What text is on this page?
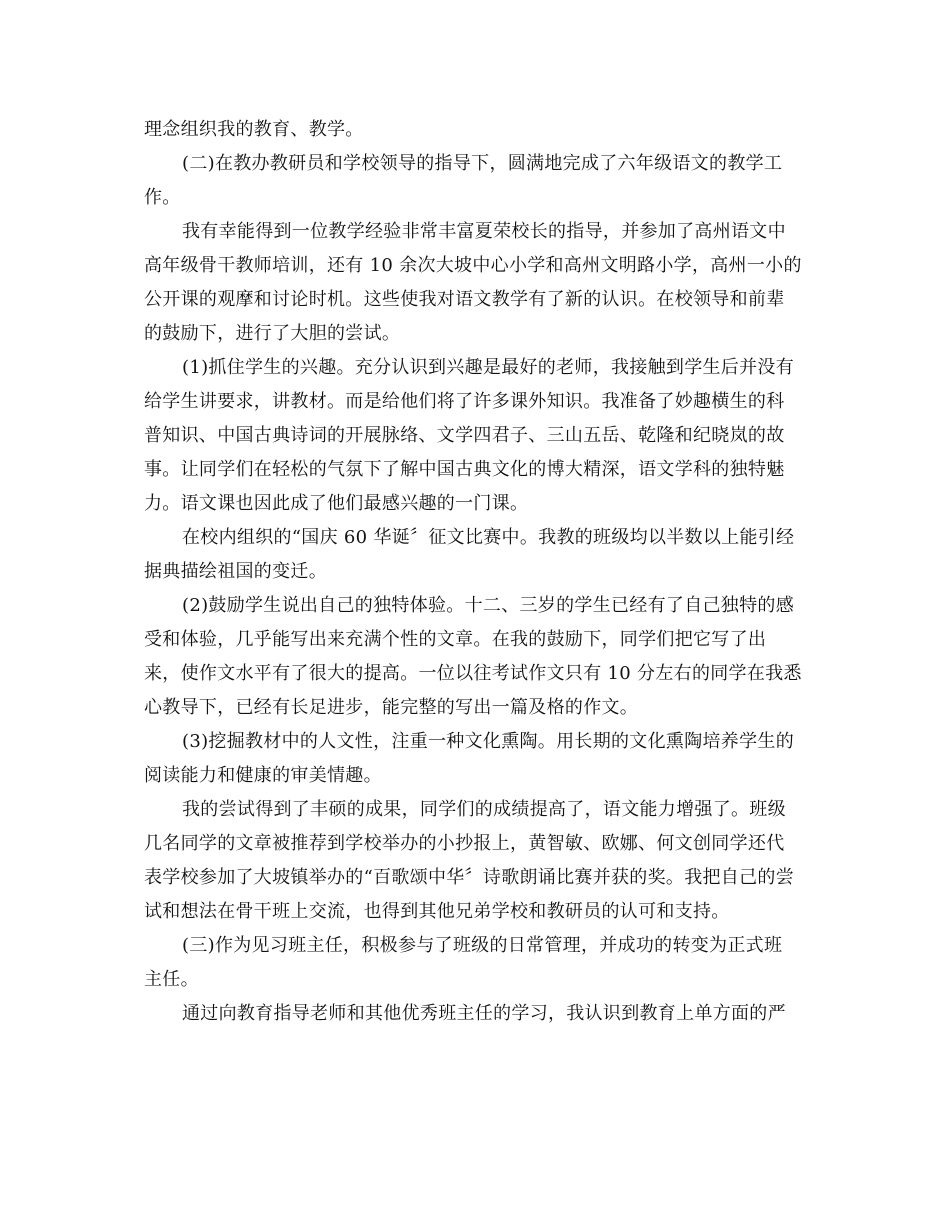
理念组织我的教育、教学。
(二)在教办教研员和学校领导的指导下，圆满地完成了六年级语文的教学工
作。
我有幸能得到一位教学经验非常丰富夏荣校长的指导，并参加了高州语文中
高年级骨干教师培训，还有 10 余次大坡中心小学和高州文明路小学，高州一小的
公开课的观摩和讨论时机。这些使我对语文教学有了新的认识。在校领导和前辈
的鼓励下，进行了大胆的尝试。
(1)抓住学生的兴趣。充分认识到兴趣是最好的老师，我接触到学生后并没有
给学生讲要求，讲教材。而是给他们将了许多课外知识。我准备了妙趣横生的科
普知识、中国古典诗词的开展脉络、文学四君子、三山五岳、乾隆和纪晓岚的故
事。让同学们在轻松的气氛下了解中国古典文化的博大精深，语文学科的独特魅
力。语文课也因此成了他们最感兴趣的一门课。
在校内组织的“国庆 60 华诞〞征文比赛中。我教的班级均以半数以上能引经
据典描绘祖国的变迁。
(2)鼓励学生说出自己的独特体验。十二、三岁的学生已经有了自己独特的感
受和体验，几乎能写出来充满个性的文章。在我的鼓励下，同学们把它写了出
来，使作文水平有了很大的提高。一位以往考试作文只有 10 分左右的同学在我悉
心教导下，已经有长足进步，能完整的写出一篇及格的作文。
(3)挖掘教材中的人文性，注重一种文化熏陶。用长期的文化熏陶培养学生的
阅读能力和健康的审美情趣。
我的尝试得到了丰硕的成果，同学们的成绩提高了，语文能力增强了。班级
几名同学的文章被推荐到学校举办的小抄报上，黄智敏、欧娜、何文创同学还代
表学校参加了大坡镇举办的“百歌颂中华〞诗歌朗诵比赛并获的奖。我把自己的尝
试和想法在骨干班上交流，也得到其他兄弟学校和教研员的认可和支持。
(三)作为见习班主任，积极参与了班级的日常管理，并成功的转变为正式班
主任。
通过向教育指导老师和其他优秀班主任的学习，我认识到教育上单方面的严
